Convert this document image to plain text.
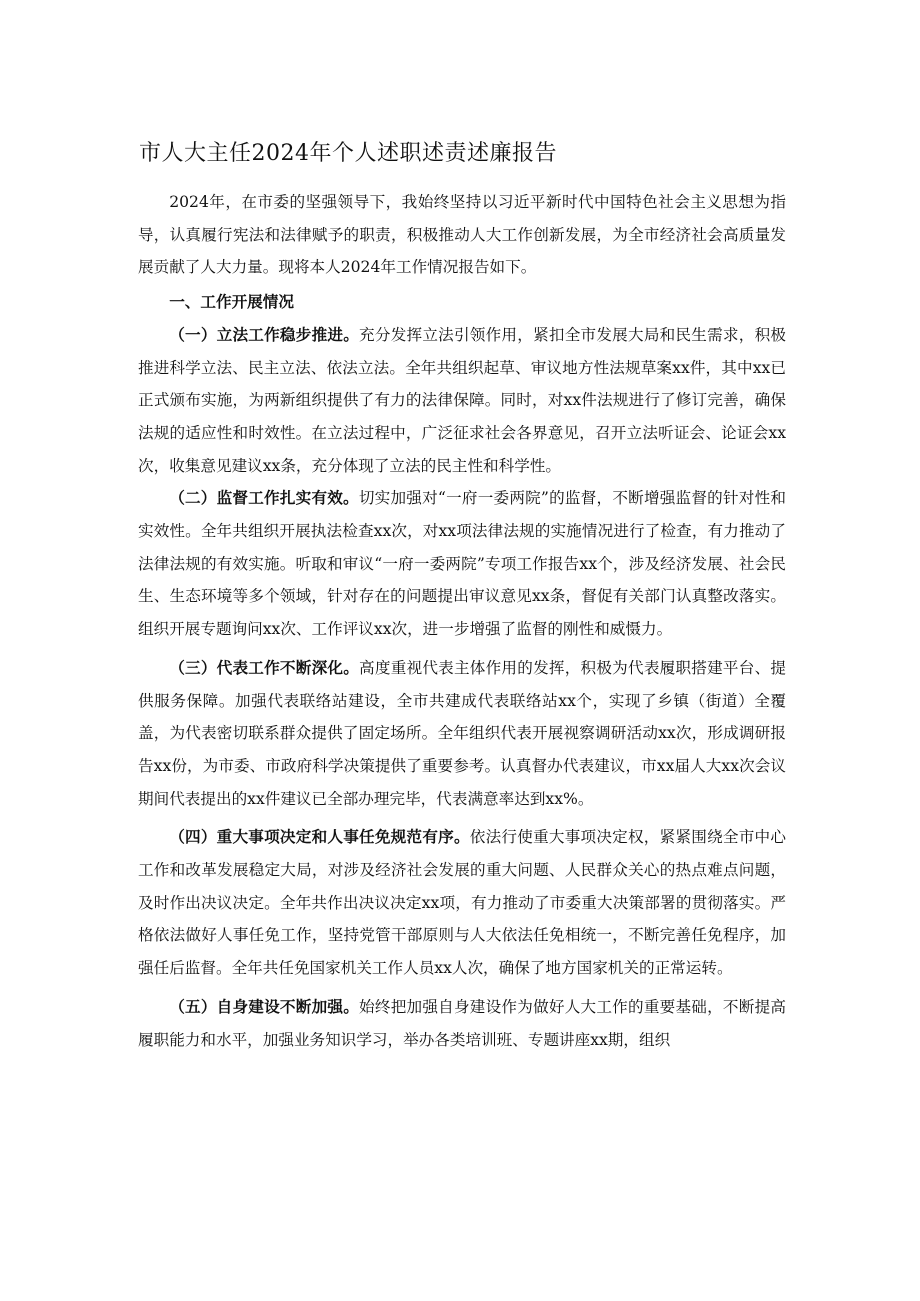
市人大主任2024年个人述职述责述廉报告

2024年，在市委的坚强领导下，我始终坚持以习近平新时代中国特色社会主义思想为指导，认真履行宪法和法律赋予的职责，积极推动人大工作创新发展，为全市经济社会高质量发展贡献了人大力量。现将本人2024年工作情况报告如下。

一、工作开展情况

（一）立法工作稳步推进。充分发挥立法引领作用，紧扣全市发展大局和民生需求，积极推进科学立法、民主立法、依法立法。全年共组织起草、审议地方性法规草案xx件，其中xx已正式颁布实施，为两新组织提供了有力的法律保障。同时，对xx件法规进行了修订完善，确保法规的适应性和时效性。在立法过程中，广泛征求社会各界意见，召开立法听证会、论证会xx次，收集意见建议xx条，充分体现了立法的民主性和科学性。

（二）监督工作扎实有效。切实加强对“一府一委两院”的监督，不断增强监督的针对性和实效性。全年共组织开展执法检查xx次，对xx项法律法规的实施情况进行了检查，有力推动了法律法规的有效实施。听取和审议“一府一委两院”专项工作报告xx个，涉及经济发展、社会民生、生态环境等多个领域，针对存在的问题提出审议意见xx条，督促有关部门认真整改落实。组织开展专题询问xx次、工作评议xx次，进一步增强了监督的刚性和威慑力。

（三）代表工作不断深化。高度重视代表主体作用的发挥，积极为代表履职搭建平台、提供服务保障。加强代表联络站建设，全市共建成代表联络站xx个，实现了乡镇（街道）全覆盖，为代表密切联系群众提供了固定场所。全年组织代表开展视察调研活动xx次，形成调研报告xx份，为市委、市政府科学决策提供了重要参考。认真督办代表建议，市xx届人大xx次会议期间代表提出的xx件建议已全部办理完毕，代表满意率达到xx%。

（四）重大事项决定和人事任免规范有序。依法行使重大事项决定权，紧紧围绕全市中心工作和改革发展稳定大局，对涉及经济社会发展的重大问题、人民群众关心的热点难点问题，及时作出决议决定。全年共作出决议决定xx项，有力推动了市委重大决策部署的贯彻落实。严格依法做好人事任免工作，坚持党管干部原则与人大依法任免相统一，不断完善任免程序，加强任后监督。全年共任免国家机关工作人员xx人次，确保了地方国家机关的正常运转。

（五）自身建设不断加强。始终把加强自身建设作为做好人大工作的重要基础，不断提高履职能力和水平，加强业务知识学习，举办各类培训班、专题讲座xx期，组织
